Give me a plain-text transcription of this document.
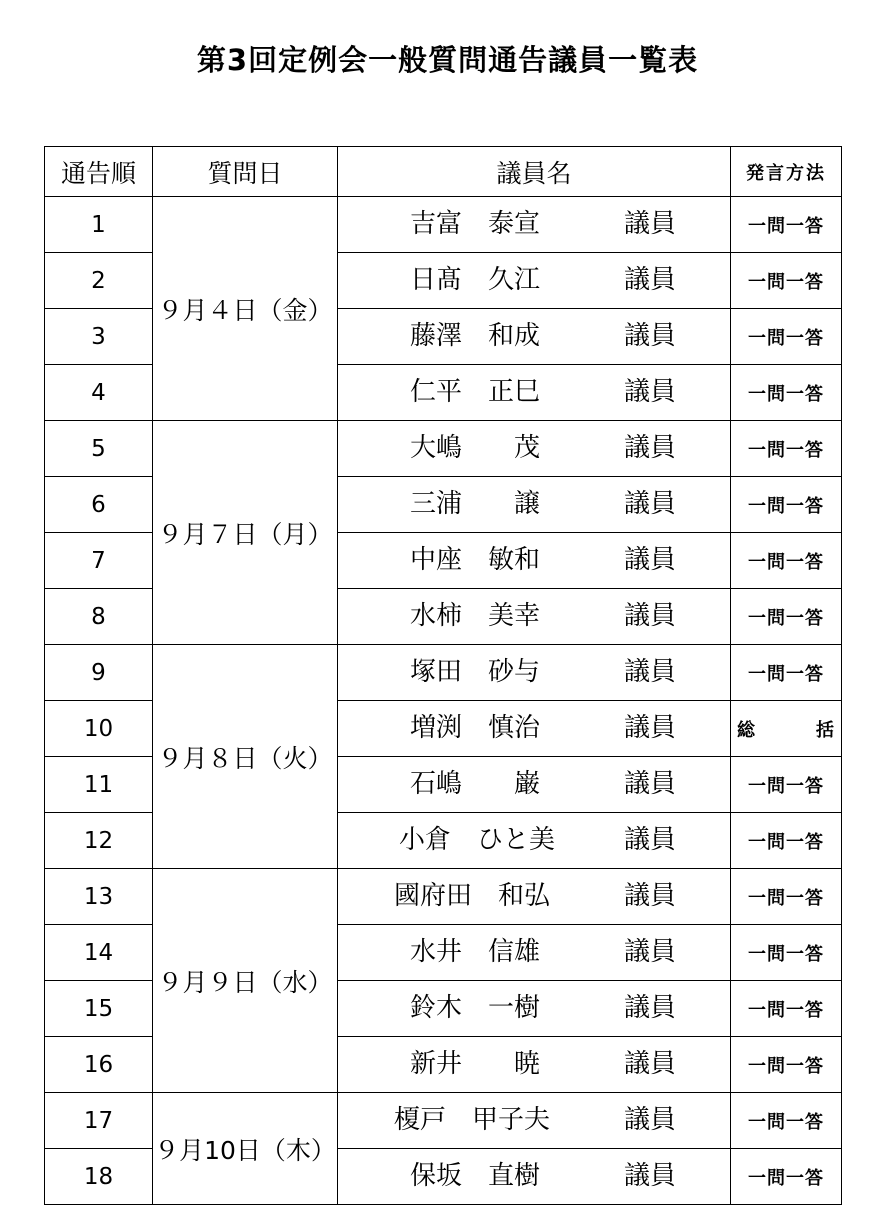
第3回定例会一般質問通告議員一覧表
通告順	質問日	議員名	発言方法
1	９月４日（金）	吉富　泰宣 議員	一問一答
2		日髙　久江 議員	一問一答
3		藤澤　和成 議員	一問一答
4		仁平　正巳 議員	一問一答
5	９月７日（月）	大嶋　　茂 議員	一問一答
6		三浦　　譲 議員	一問一答
7		中座　敏和 議員	一問一答
8		水柿　美幸 議員	一問一答
9	９月８日（火）	塚田　砂与 議員	一問一答
10		増渕　慎治 議員	総 括

11		石嶋　　巌 議員	一問一答
12		小倉　ひと美 議員	一問一答
13	９月９日（水）	國府田　和弘 議員	一問一答
14		水井　信雄 議員	一問一答
15		鈴木　一樹 議員	一問一答
16		新井　　暁 議員	一問一答
17	９月10日（木）	榎戸　甲子夫 議員	一問一答
18		保坂　直樹 議員	一問一答
